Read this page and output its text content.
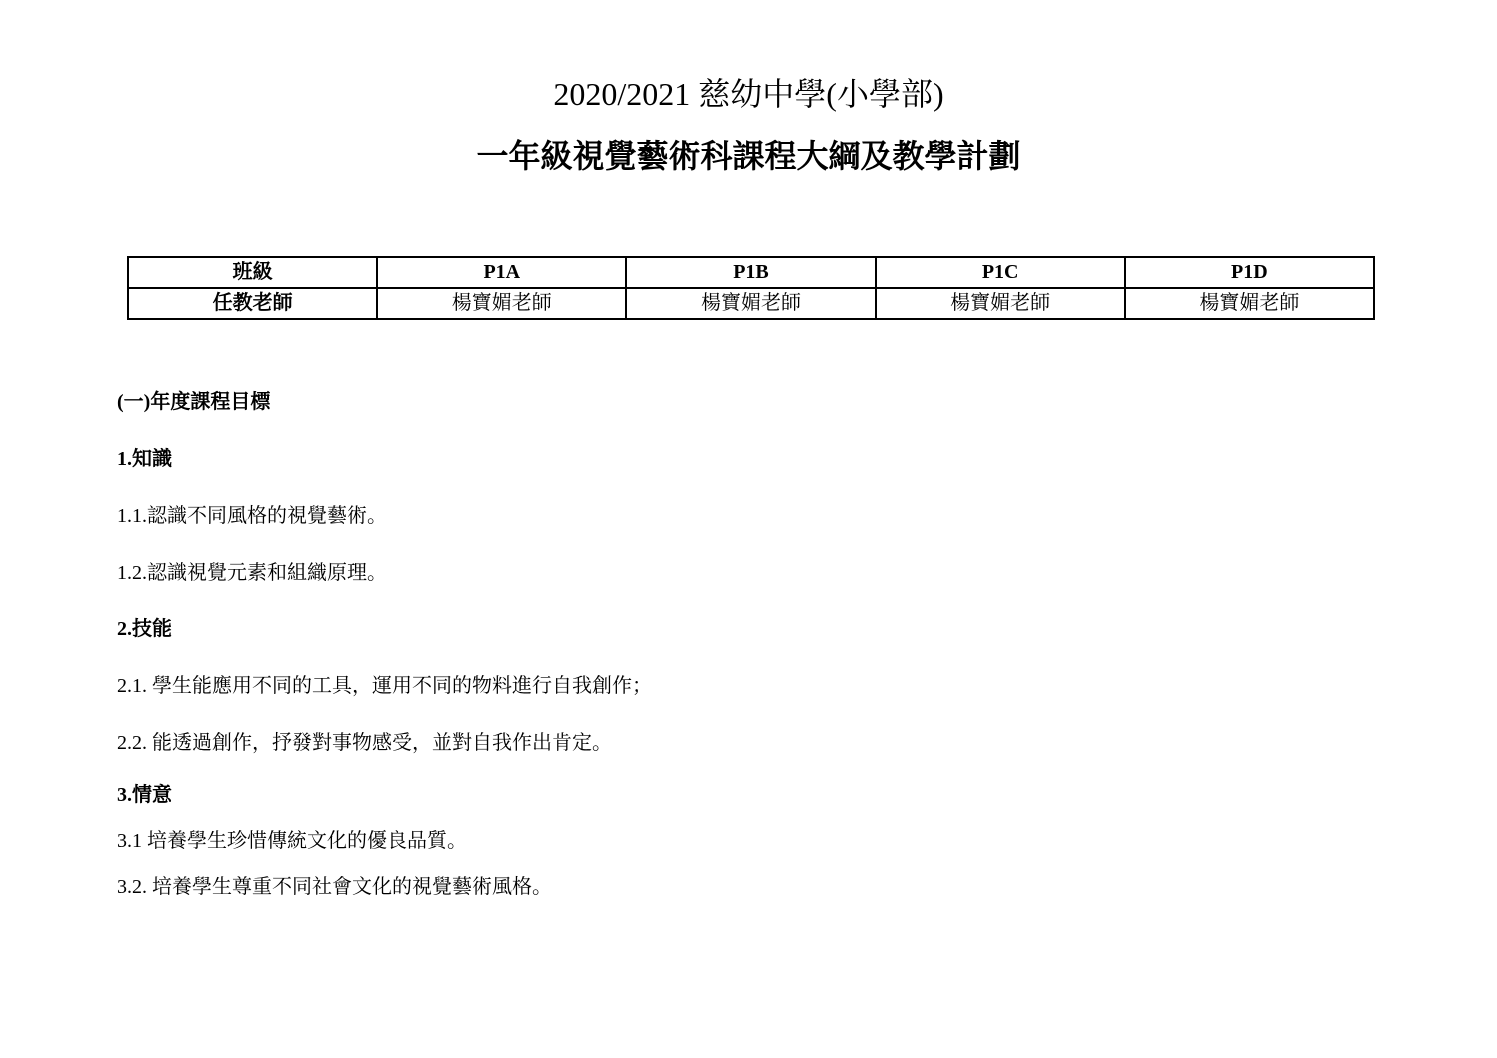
2020/2021 慈幼中學(小學部)
一年級視覺藝術科課程大綱及教學計劃
班級	P1A	P1B	P1C	P1D
任教老師	楊寶媚老師	楊寶媚老師	楊寶媚老師	楊寶媚老師

(一)年度課程目標

1.知識

1.1.認識不同風格的視覺藝術。

1.2.認識視覺元素和組織原理。

2.技能

2.1. 學生能應用不同的工具，運用不同的物料進行自我創作；

2.2. 能透過創作，抒發對事物感受，並對自我作出肯定。

3.情意

3.1 培養學生珍惜傳統文化的優良品質。

3.2. 培養學生尊重不同社會文化的視覺藝術風格。
